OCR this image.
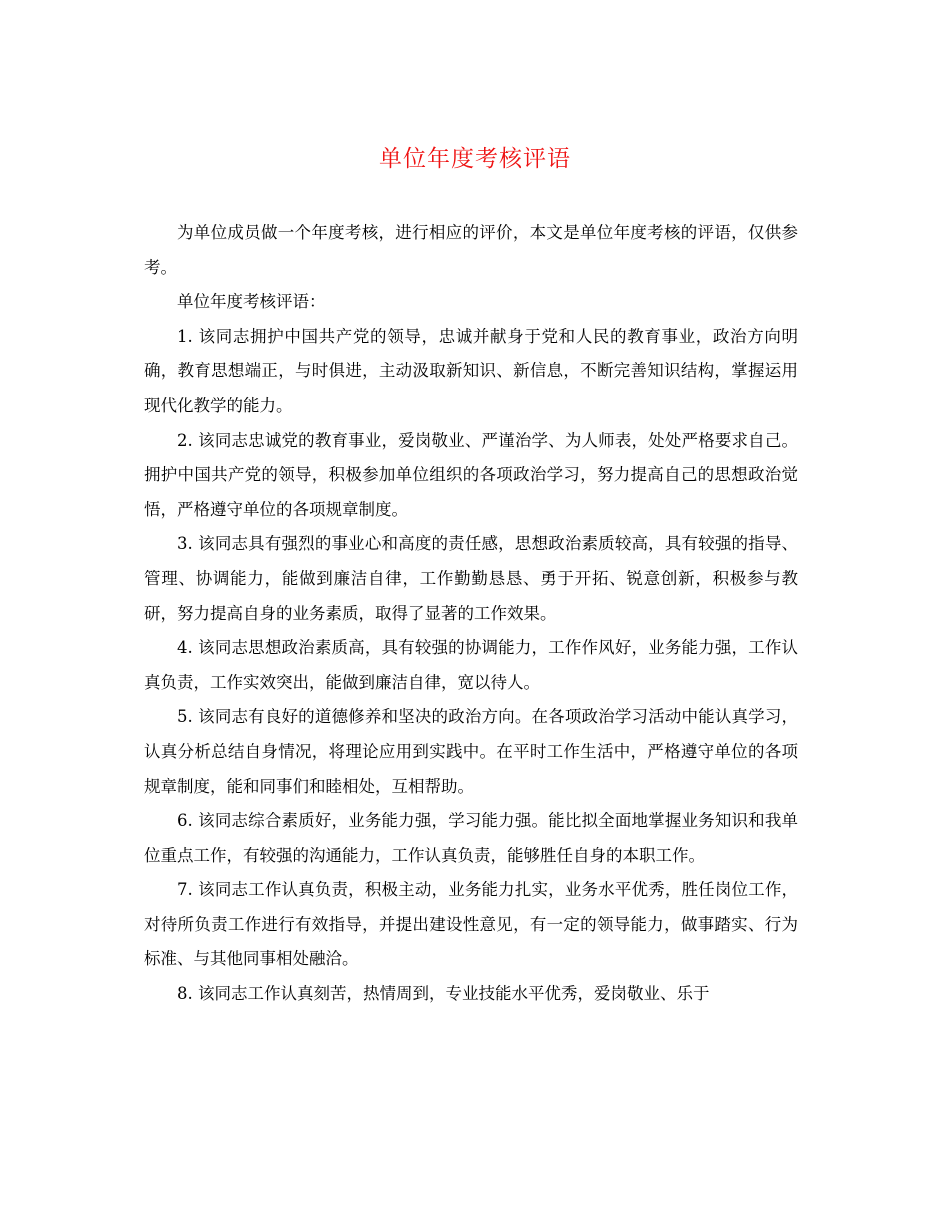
单位年度考核评语

为单位成员做一个年度考核，进行相应的评价，本文是单位年度考核的评语，仅供参考。

单位年度考核评语：

1. 该同志拥护中国共产党的领导，忠诚并献身于党和人民的教育事业，政治方向明确，教育思想端正，与时俱进，主动汲取新知识、新信息，不断完善知识结构，掌握运用现代化教学的能力。

2. 该同志忠诚党的教育事业，爱岗敬业、严谨治学、为人师表，处处严格要求自己。拥护中国共产党的领导，积极参加单位组织的各项政治学习，努力提高自己的思想政治觉悟，严格遵守单位的各项规章制度。

3. 该同志具有强烈的事业心和高度的责任感，思想政治素质较高，具有较强的指导、管理、协调能力，能做到廉洁自律，工作勤勤恳恳、勇于开拓、锐意创新，积极参与教研，努力提高自身的业务素质，取得了显著的工作效果。

4. 该同志思想政治素质高，具有较强的协调能力，工作作风好，业务能力强，工作认真负责，工作实效突出，能做到廉洁自律，宽以待人。

5. 该同志有良好的道德修养和坚决的政治方向。在各项政治学习活动中能认真学习，认真分析总结自身情况，将理论应用到实践中。在平时工作生活中，严格遵守单位的各项规章制度，能和同事们和睦相处，互相帮助。

6. 该同志综合素质好，业务能力强，学习能力强。能比拟全面地掌握业务知识和我单位重点工作，有较强的沟通能力，工作认真负责，能够胜任自身的本职工作。

7. 该同志工作认真负责，积极主动，业务能力扎实，业务水平优秀，胜任岗位工作，对待所负责工作进行有效指导，并提出建设性意见，有一定的领导能力，做事踏实、行为标准、与其他同事相处融洽。

8. 该同志工作认真刻苦，热情周到，专业技能水平优秀，爱岗敬业、乐于
